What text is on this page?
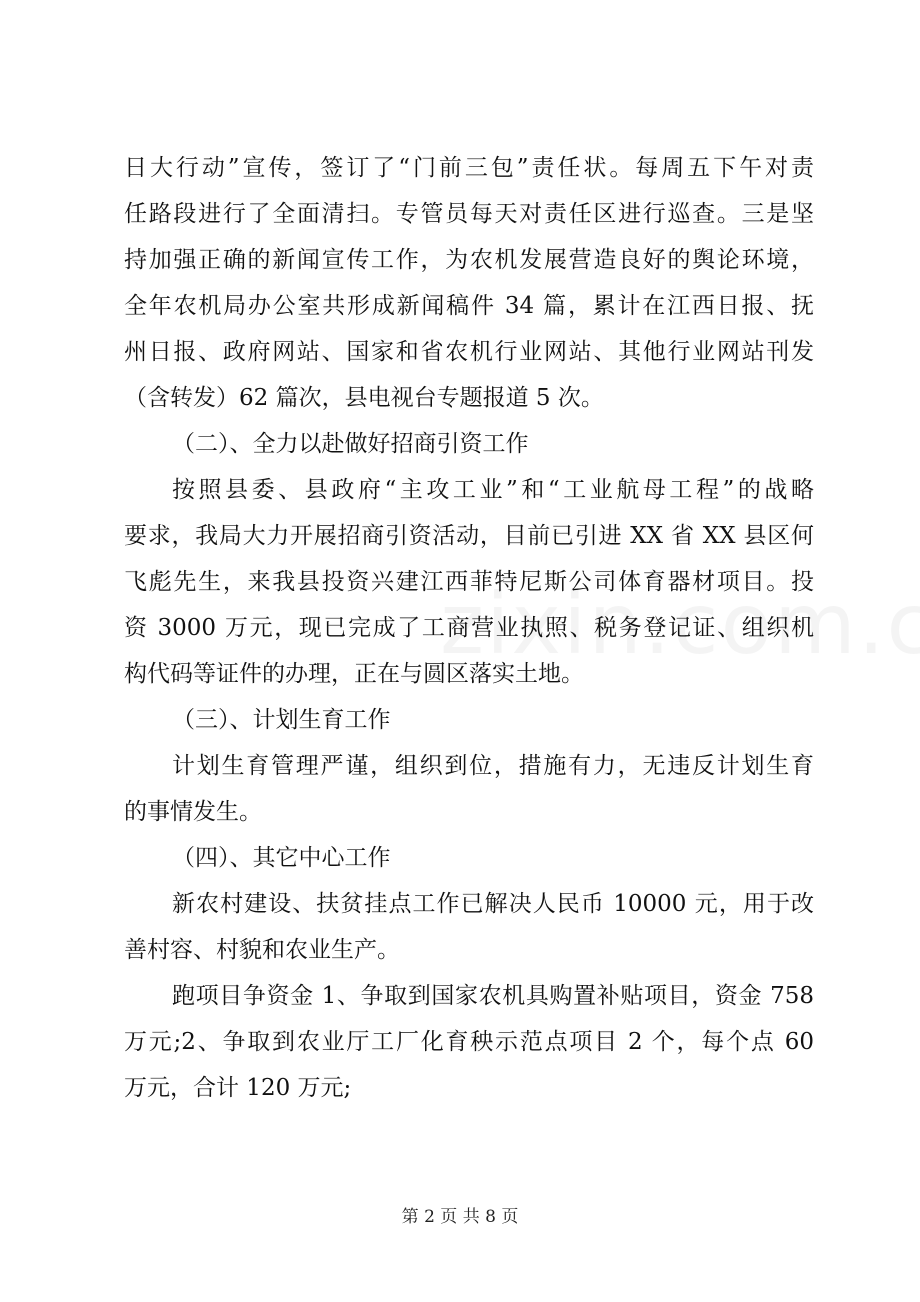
日大行动”宣传，签订了“门前三包”责任状。每周五下午对责
任路段进行了全面清扫。专管员每天对责任区进行巡查。三是坚
持加强正确的新闻宣传工作，为农机发展营造良好的舆论环境，
全年农机局办公室共形成新闻稿件 34 篇，累计在江西日报、抚
州日报、政府网站、国家和省农机行业网站、其他行业网站刊发
（含转发）62 篇次，县电视台专题报道 5 次。
（二）、全力以赴做好招商引资工作
按照县委、县政府“主攻工业”和“工业航母工程”的战略
要求，我局大力开展招商引资活动，目前已引进 XX 省 XX 县区何
飞彪先生，来我县投资兴建江西菲特尼斯公司体育器材项目。投
资 3000 万元，现已完成了工商营业执照、税务登记证、组织机
构代码等证件的办理，正在与圆区落实土地。
（三）、计划生育工作
计划生育管理严谨，组织到位，措施有力，无违反计划生育
的事情发生。
（四）、其它中心工作
新农村建设、扶贫挂点工作已解决人民币 10000 元，用于改
善村容、村貌和农业生产。
跑项目争资金 1、争取到国家农机具购置补贴项目，资金 758
万元;2、争取到农业厅工厂化育秧示范点项目 2 个，每个点 60
万元，合计 120 万元;
第 2 页 共 8 页
